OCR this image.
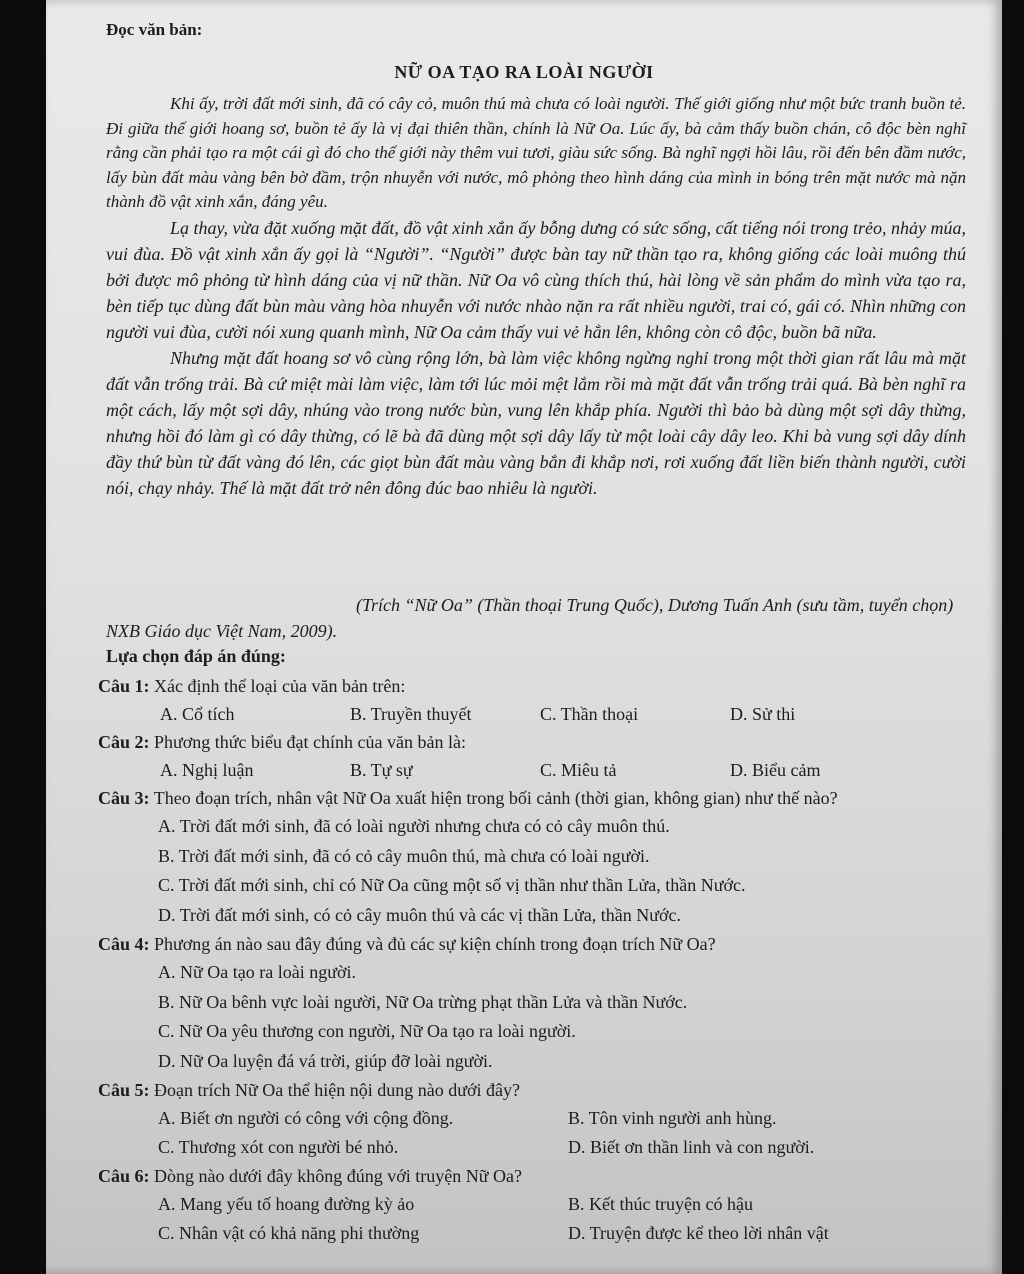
Đọc văn bản:
NỮ OA TẠO RA LOÀI NGƯỜI

Khi ấy, trời đất mới sinh, đã có cây cỏ, muôn thú mà chưa có loài người. Thế giới giống như một bức tranh buồn tẻ. Đi giữa thế giới hoang sơ, buồn tẻ ấy là vị đại thiên thần, chính là Nữ Oa. Lúc ấy, bà cảm thấy buồn chán, cô độc bèn nghĩ rằng cần phải tạo ra một cái gì đó cho thế giới này thêm vui tươi, giàu sức sống. Bà nghĩ ngợi hồi lâu, rồi đến bên đầm nước, lấy bùn đất màu vàng bên bờ đầm, trộn nhuyễn với nước, mô phỏng theo hình dáng của mình in bóng trên mặt nước mà nặn thành đồ vật xinh xắn, đáng yêu.

Lạ thay, vừa đặt xuống mặt đất, đồ vật xinh xắn ấy bỗng dưng có sức sống, cất tiếng nói trong trẻo, nhảy múa, vui đùa. Đồ vật xinh xắn ấy gọi là “Người”. “Người” được bàn tay nữ thần tạo ra, không giống các loài muông thú bởi được mô phỏng từ hình dáng của vị nữ thần. Nữ Oa vô cùng thích thú, hài lòng về sản phẩm do mình vừa tạo ra, bèn tiếp tục dùng đất bùn màu vàng hòa nhuyễn với nước nhào nặn ra rất nhiều người, trai có, gái có. Nhìn những con người vui đùa, cười nói xung quanh mình, Nữ Oa cảm thấy vui vẻ hẳn lên, không còn cô độc, buồn bã nữa.

Nhưng mặt đất hoang sơ vô cùng rộng lớn, bà làm việc không ngừng nghỉ trong một thời gian rất lâu mà mặt đất vẫn trống trải. Bà cứ miệt mài làm việc, làm tới lúc mỏi mệt lắm rồi mà mặt đất vẫn trống trải quá. Bà bèn nghĩ ra một cách, lấy một sợi dây, nhúng vào trong nước bùn, vung lên khắp phía. Người thì bảo bà dùng một sợi dây thừng, nhưng hồi đó làm gì có dây thừng, có lẽ bà đã dùng một sợi dây lấy từ một loài cây dây leo. Khi bà vung sợi dây dính đầy thứ bùn từ đất vàng đó lên, các giọt bùn đất màu vàng bắn đi khắp nơi, rơi xuống đất liền biến thành người, cười nói, chạy nhảy. Thế là mặt đất trở nên đông đúc bao nhiêu là người.

(Trích “Nữ Oa” (Thần thoại Trung Quốc), Dương Tuấn Anh (sưu tầm, tuyển chọn) NXB Giáo dục Việt Nam, 2009).
Lựa chọn đáp án đúng:
Câu 1: Xác định thể loại của văn bản trên:
A. Cổ tích	B. Truyền thuyết	C. Thần thoại	D. Sử thi
Câu 2: Phương thức biểu đạt chính của văn bản là:
A. Nghị luận	B. Tự sự	C. Miêu tả	D. Biểu cảm
Câu 3: Theo đoạn trích, nhân vật Nữ Oa xuất hiện trong bối cảnh (thời gian, không gian) như thế nào?
A. Trời đất mới sinh, đã có loài người nhưng chưa có cỏ cây muôn thú.
B. Trời đất mới sinh, đã có cỏ cây muôn thú, mà chưa có loài người.
C. Trời đất mới sinh, chỉ có Nữ Oa cũng một số vị thần như thần Lửa, thần Nước.
D. Trời đất mới sinh, có cỏ cây muôn thú và các vị thần Lửa, thần Nước.
Câu 4: Phương án nào sau đây đúng và đủ các sự kiện chính trong đoạn trích Nữ Oa?
A. Nữ Oa tạo ra loài người.
B. Nữ Oa bênh vực loài người, Nữ Oa trừng phạt thần Lửa và thần Nước.
C. Nữ Oa yêu thương con người, Nữ Oa tạo ra loài người.
D. Nữ Oa luyện đá vá trời, giúp đỡ loài người.
Câu 5: Đoạn trích Nữ Oa thể hiện nội dung nào dưới đây?
A. Biết ơn người có công với cộng đồng.	B. Tôn vinh người anh hùng.
C. Thương xót con người bé nhỏ.	D. Biết ơn thần linh và con người.
Câu 6: Dòng nào dưới đây không đúng với truyện Nữ Oa?
A. Mang yếu tố hoang đường kỳ ảo	B. Kết thúc truyện có hậu
C. Nhân vật có khả năng phi thường	D. Truyện được kể theo lời nhân vật
